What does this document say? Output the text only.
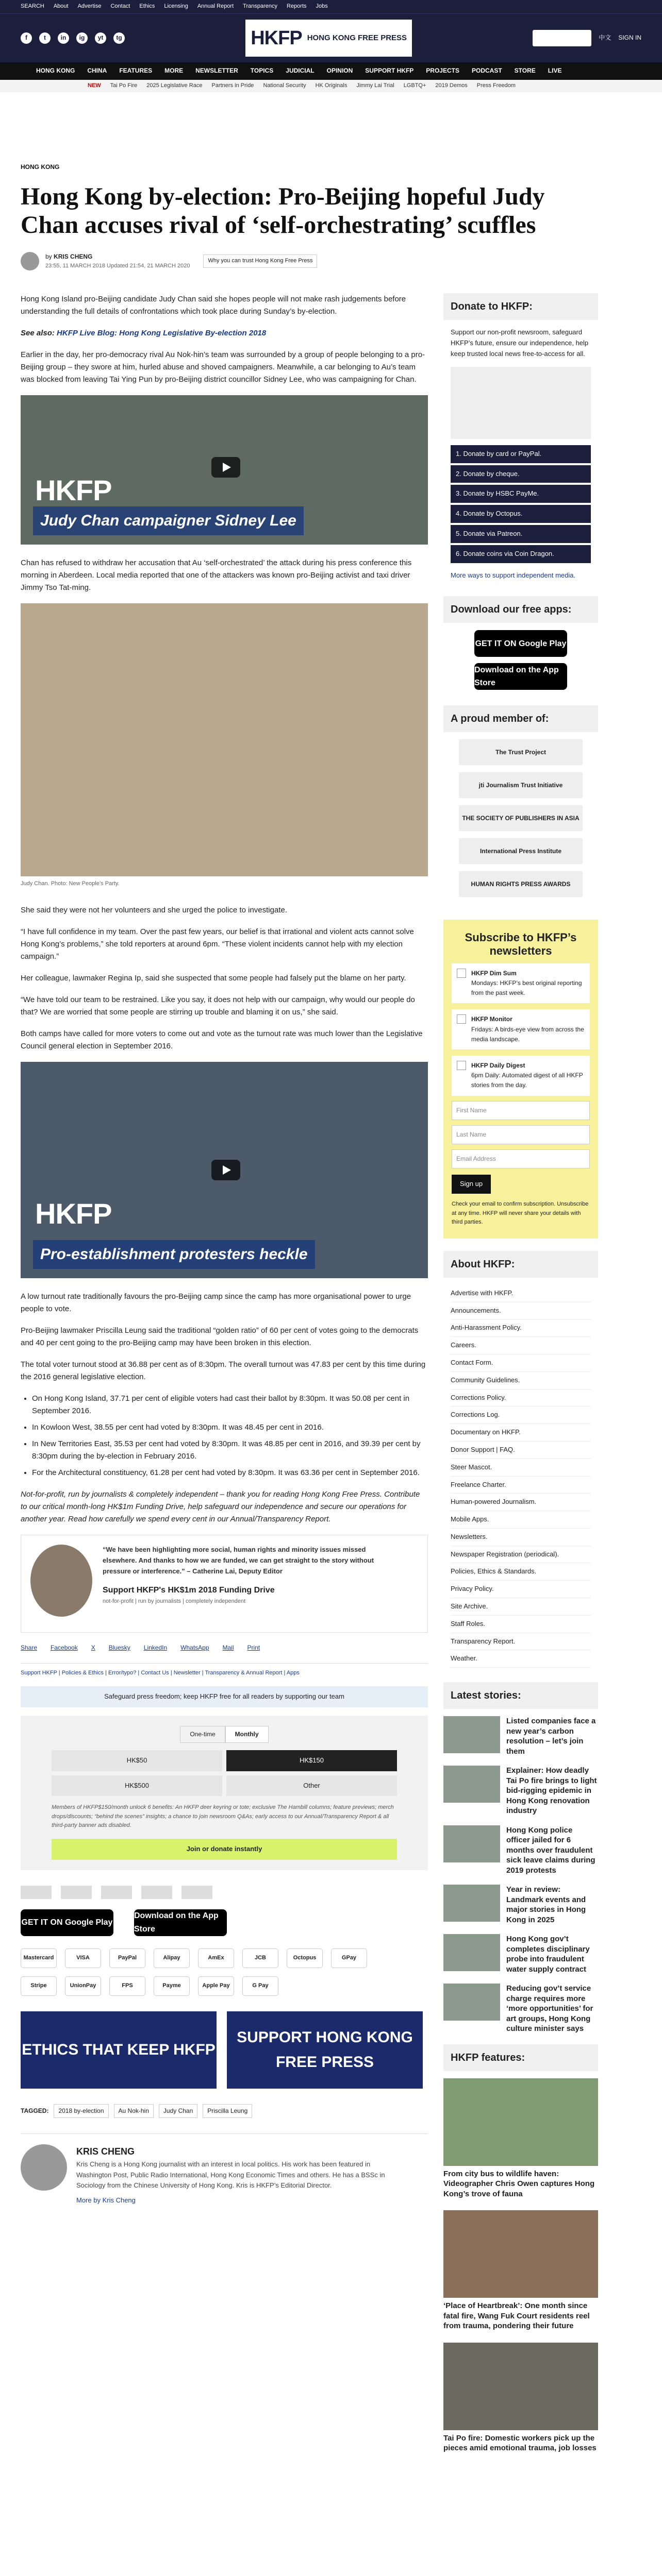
SEARCH About Advertise Contact Ethics Licensing Annual Report Transparency Reports Jobs
f	t	in	ig	yt	tg	HKFP HONG KONG FREE PRESS	SUPPORT HKFP	中文 SIGN IN
HONG KONG CHINA FEATURES MORE NEWSLETTER TOPICS JUDICIAL OPINION SUPPORT HKFP PROJECTS PODCAST STORE LIVE
NEW Tai Po Fire 2025 Legislative Race Partners in Pride National Security HK Originals Jimmy Lai Trial LGBTQ+ 2019 Demos Press Freedom
HONG KONG
Hong Kong by-election: Pro-Beijing hopeful Judy Chan accuses rival of ‘self-orchestrating’ scuffles
by KRIS CHENG
23:55, 11 MARCH 2018 Updated 21:54, 21 MARCH 2020
Why you can trust Hong Kong Free Press

Hong Kong Island pro-Beijing candidate Judy Chan said she hopes people will not make rash judgements before understanding the full details of confrontations which took place during Sunday’s by-election.

See also: HKFP Live Blog: Hong Kong Legislative By-election 2018

Earlier in the day, her pro-democracy rival Au Nok-hin’s team was surrounded by a group of people belonging to a pro-Beijing group – they swore at him, hurled abuse and shoved campaigners. Meanwhile, a car belonging to Au’s team was blocked from leaving Tai Ying Pun by pro-Beijing district councillor Sidney Lee, who was campaigning for Chan.

HKFP
Judy Chan campaigner Sidney Lee

Chan has refused to withdraw her accusation that Au ‘self-orchestrated’ the attack during his press conference this morning in Aberdeen. Local media reported that one of the attackers was known pro-Beijing activist and taxi driver Jimmy Tso Tat-ming.

Judy Chan. Photo: New People’s Party.

She said they were not her volunteers and she urged the police to investigate.

“I have full confidence in my team. Over the past few years, our belief is that irrational and violent acts cannot solve Hong Kong’s problems,” she told reporters at around 6pm. “These violent incidents cannot help with my election campaign.”

Her colleague, lawmaker Regina Ip, said she suspected that some people had falsely put the blame on her party.

“We have told our team to be restrained. Like you say, it does not help with our campaign, why would our people do that? We are worried that some people are stirring up trouble and blaming it on us,” she said.

Both camps have called for more voters to come out and vote as the turnout rate was much lower than the Legislative Council general election in September 2016.

HKFP
Pro-establishment protesters heckle

A low turnout rate traditionally favours the pro-Beijing camp since the camp has more organisational power to urge people to vote.

Pro-Beijing lawmaker Priscilla Leung said the traditional “golden ratio” of 60 per cent of votes going to the democrats and 40 per cent going to the pro-Beijing camp may have been broken in this election.

The total voter turnout stood at 36.88 per cent as of 8:30pm. The overall turnout was 47.83 per cent by this time during the 2016 general legislative election.

• On Hong Kong Island, 37.71 per cent of eligible voters had cast their ballot by 8:30pm. It was 50.08 per cent in September 2016.
• In Kowloon West, 38.55 per cent had voted by 8:30pm. It was 48.45 per cent in 2016.
• In New Territories East, 35.53 per cent had voted by 8:30pm. It was 48.85 per cent in 2016, and 39.39 per cent by 8:30pm during the by-election in February 2016.
• For the Architectural constituency, 61.28 per cent had voted by 8:30pm. It was 63.36 per cent in September 2016.

Not-for-profit, run by journalists & completely independent – thank you for reading Hong Kong Free Press. Contribute to our critical month-long HK$1m Funding Drive, help safeguard our independence and secure our operations for another year. Read how carefully we spend every cent in our Annual/Transparency Report.

“We have been highlighting more social, human rights and minority issues missed elsewhere. And thanks to how we are funded, we can get straight to the story without pressure or interference.” – Catherine Lai, Deputy Editor
Support HKFP's HK$1m 2018 Funding Drive
not-for-profit | run by journalists | completely independent
Share Facebook X Bluesky LinkedIn WhatsApp Mail Print
Support HKFP | Policies & Ethics | Error/typo? | Contact Us | Newsletter | Transparency & Annual Report | Apps
Safeguard press freedom; keep HKFP free for all readers by supporting our team
One-time	Monthly
HK$50	HK$150
HK$500	Other
Members of HKFP$150/month unlock 6 benefits: An HKFP deer keyring or tote; exclusive The Hambill columns; feature previews; merch drops/discounts; “behind the scenes” insights; a chance to join newsroom Q&As; early access to our Annual/Transparency Report & all third-party banner ads disabled.
Join or donate instantly
GET IT ON Google Play
Download on the App Store
Mastercard	VISA	PayPal	Alipay	AmEx	JCB	Octopus	GPay
Stripe	UnionPay	FPS	Payme	Apple Pay	G Pay
ETHICS THAT KEEP HKFP
SUPPORT HONG KONG FREE PRESS
TAGGED:	2018 by-election	Au Nok-hin	Judy Chan	Priscilla Leung
KRIS CHENG
Kris Cheng is a Hong Kong journalist with an interest in local politics. His work has been featured in Washington Post, Public Radio International, Hong Kong Economic Times and others. He has a BSSc in Sociology from the Chinese University of Hong Kong. Kris is HKFP’s Editorial Director.
More by Kris Cheng
Donate to HKFP:

Support our non-profit newsroom, safeguard HKFP’s future, ensure our independence, help keep trusted local news free-to-access for all.

1. Donate by card or PayPal.
2. Donate by cheque.
3. Donate by HSBC PayMe.
4. Donate by Octopus.
5. Donate via Patreon.
6. Donate coins via Coin Dragon.

More ways to support independent media.

Download our free apps:
GET IT ON Google Play
Download on the App Store
A proud member of:
The Trust Project
jti Journalism Trust Initiative
THE SOCIETY OF PUBLISHERS IN ASIA
International Press Institute
HUMAN RIGHTS PRESS AWARDS
Subscribe to HKFP’s newsletters
HKFP Dim Sum
Mondays: HKFP’s best original reporting from the past week.
HKFP Monitor
Fridays: A birds-eye view from across the media landscape.
HKFP Daily Digest
6pm Daily: Automated digest of all HKFP stories from the day.
First Name
Last Name
Email Address
Sign up

Check your email to confirm subscription. Unsubscribe at any time. HKFP will never share your details with third parties.

About HKFP:
Advertise with HKFP.
Announcements.
Anti-Harassment Policy.
Careers.
Contact Form.
Community Guidelines.
Corrections Policy.
Corrections Log.
Documentary on HKFP.
Donor Support | FAQ.
Steer Mascot.
Freelance Charter.
Human-powered Journalism.
Mobile Apps.
Newsletters.
Newspaper Registration (periodical).
Policies, Ethics & Standards.
Privacy Policy.
Site Archive.
Staff Roles.
Transparency Report.
Weather.
Latest stories:
Listed companies face a new year’s carbon resolution – let’s join them
Explainer: How deadly Tai Po fire brings to light bid-rigging epidemic in Hong Kong renovation industry
Hong Kong police officer jailed for 6 months over fraudulent sick leave claims during 2019 protests
Year in review: Landmark events and major stories in Hong Kong in 2025
Hong Kong gov’t completes disciplinary probe into fraudulent water supply contract
Reducing gov’t service charge requires more ‘more opportunities’ for art groups, Hong Kong culture minister says
HKFP features:
From city bus to wildlife haven: Videographer Chris Owen captures Hong Kong’s trove of fauna
‘Place of Heartbreak’: One month since fatal fire, Wang Fuk Court residents reel from trauma, pondering their future
Tai Po fire: Domestic workers pick up the pieces amid emotional trauma, job losses
